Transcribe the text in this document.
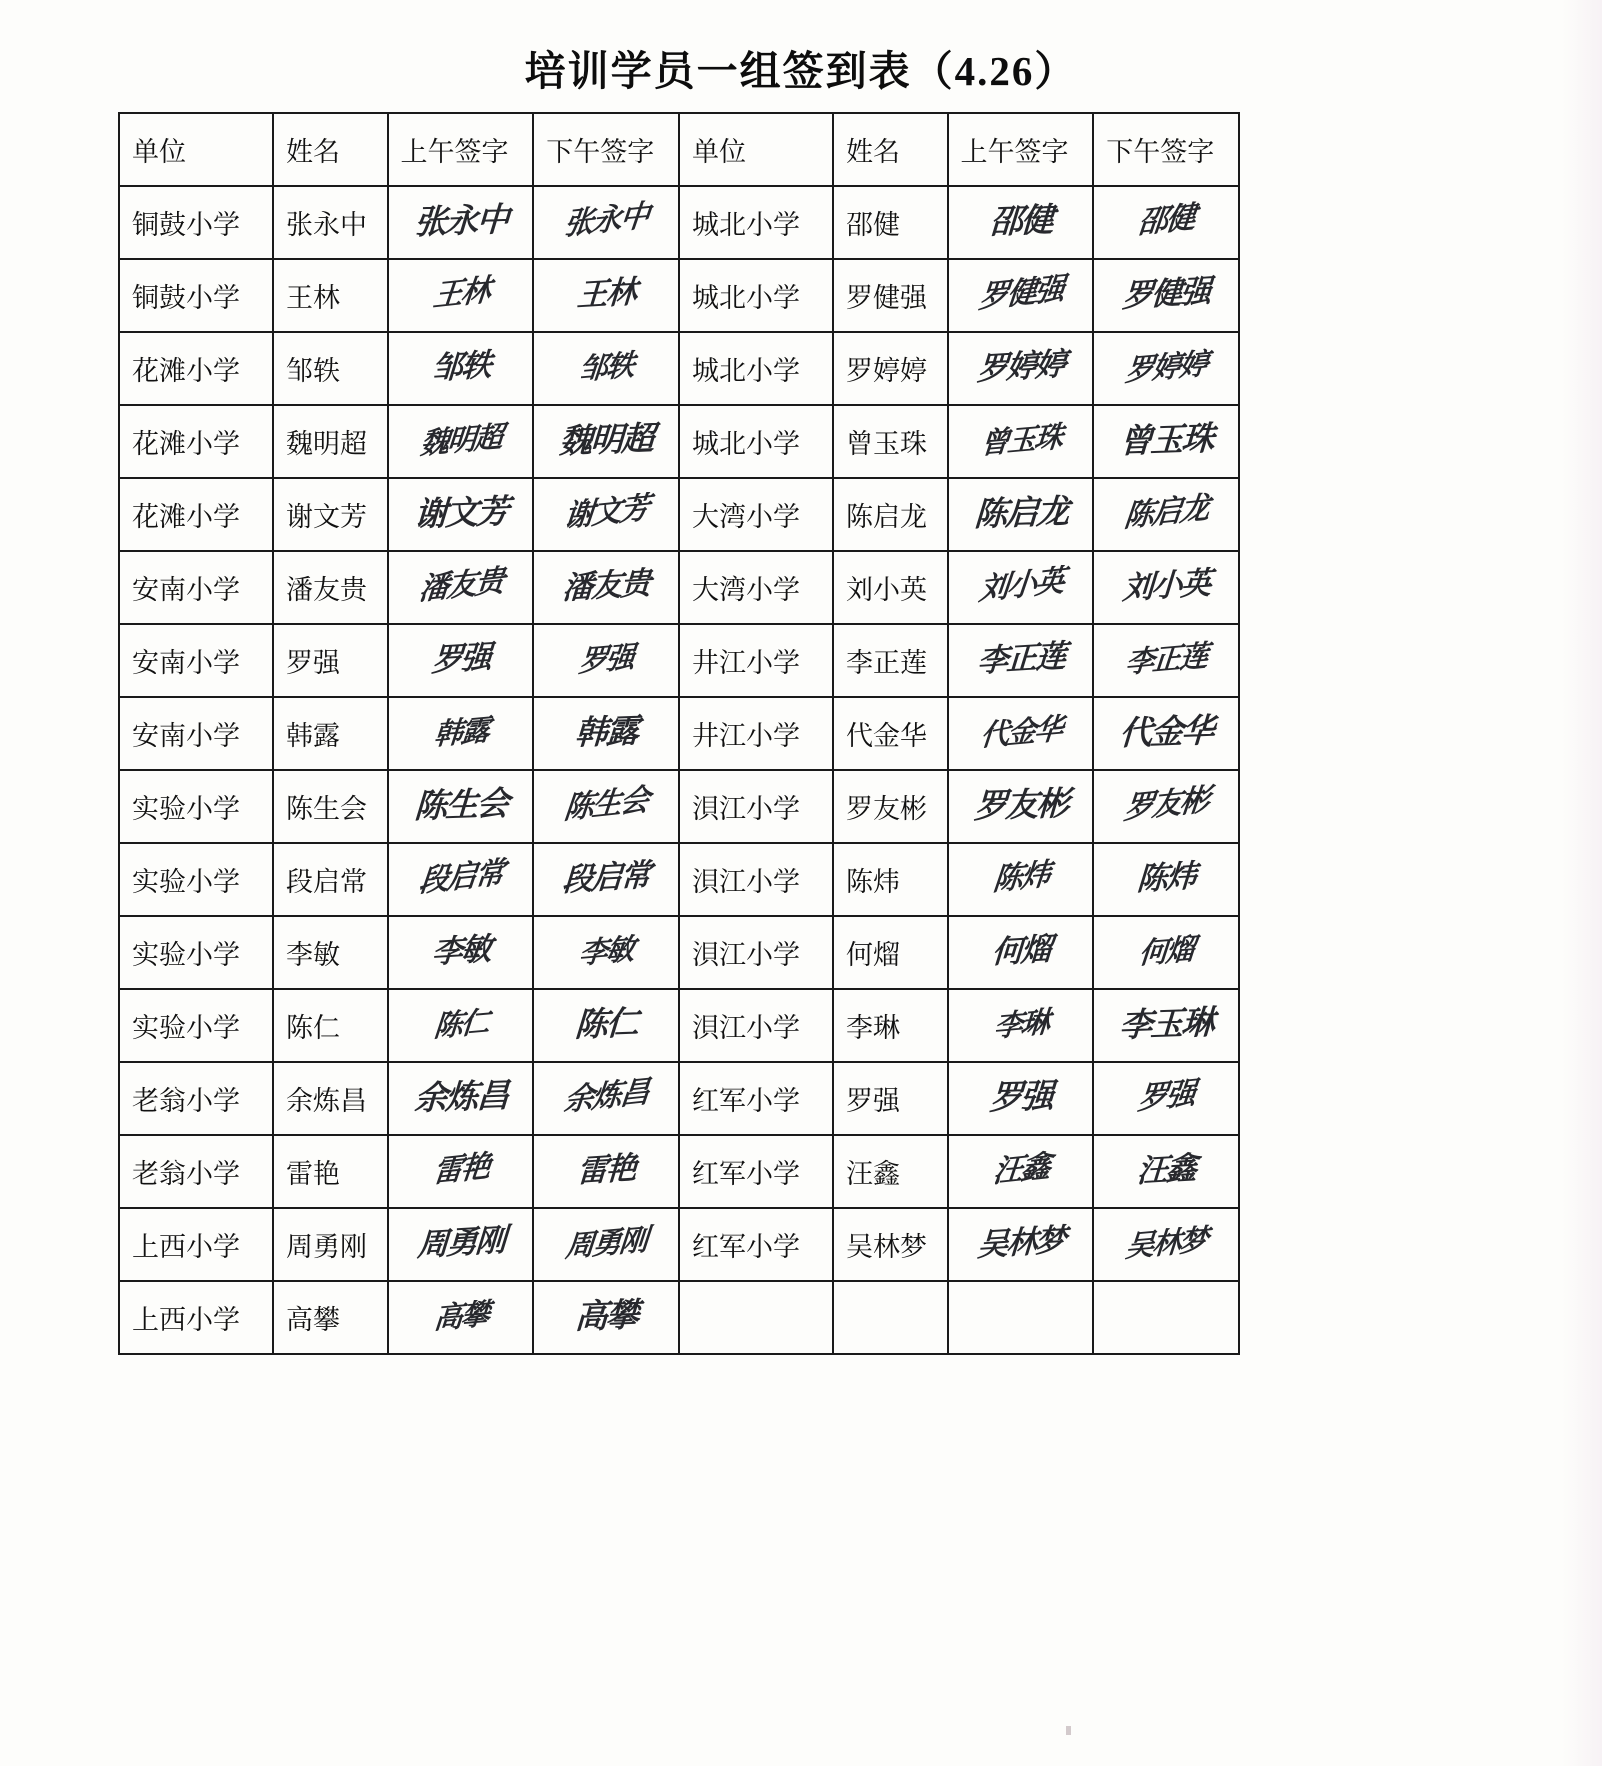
培训学员一组签到表（4.26）
单位	姓名	上午签字	下午签字	单位	姓名	上午签字	下午签字

铜鼓小学	张永中	张永中	张永中	城北小学	邵健	邵健	邵健

铜鼓小学	王林	王林	王林	城北小学	罗健强	罗健强	罗健强

花滩小学	邹轶	邹轶	邹轶	城北小学	罗婷婷	罗婷婷	罗婷婷

花滩小学	魏明超	魏明超	魏明超	城北小学	曾玉珠	曾玉珠	曾玉珠

花滩小学	谢文芳	谢文芳	谢文芳	大湾小学	陈启龙	陈启龙	陈启龙

安南小学	潘友贵	潘友贵	潘友贵	大湾小学	刘小英	刘小英	刘小英

安南小学	罗强	罗强	罗强	井江小学	李正莲	李正莲	李正莲

安南小学	韩露	韩露	韩露	井江小学	代金华	代金华	代金华

实验小学	陈生会	陈生会	陈生会	浿江小学	罗友彬	罗友彬	罗友彬

实验小学	段启常	段启常	段启常	浿江小学	陈炜	陈炜	陈炜

实验小学	李敏	李敏	李敏	浿江小学	何熘	何熘	何熘

实验小学	陈仁	陈仁	陈仁	浿江小学	李琳	李琳	李玉琳

老翁小学	余炼昌	余炼昌	余炼昌	红军小学	罗强	罗强	罗强

老翁小学	雷艳	雷艳	雷艳	红军小学	汪鑫	汪鑫	汪鑫

上西小学	周勇刚	周勇刚	周勇刚	红军小学	吴林梦	吴林梦	吴林梦

上西小学	高攀	高攀	高攀				
